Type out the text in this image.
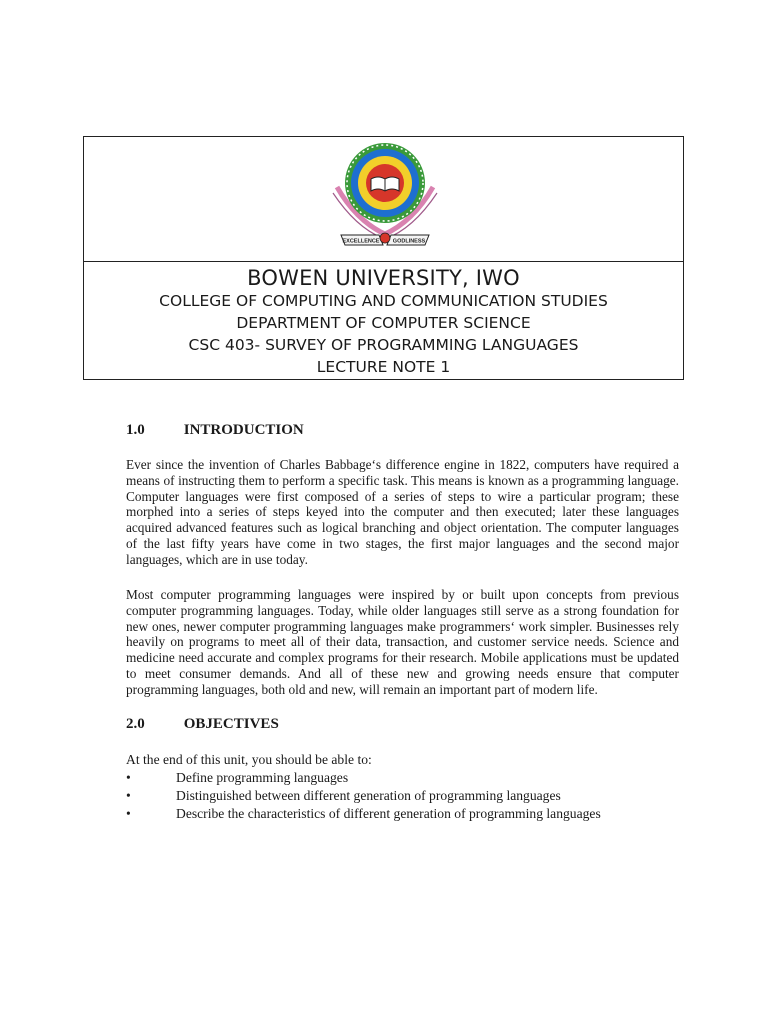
EXCELLENCE GODLINESS
BOWEN UNIVERSITY, IWO
COLLEGE OF COMPUTING AND COMMUNICATION STUDIES
DEPARTMENT OF COMPUTER SCIENCE
CSC 403- SURVEY OF PROGRAMMING LANGUAGES
LECTURE NOTE 1
1.0	INTRODUCTION
Ever since the invention of Charles Babbage‘s difference engine in 1822, computers have required a means of instructing them to perform a specific task. This means is known as a programming language. Computer languages were first composed of a series of steps to wire a particular program; these morphed into a series of steps keyed into the computer and then executed; later these languages acquired advanced features such as logical branching and object orientation. The computer languages of the last fifty years have come in two stages, the first major languages and the second major languages, which are in use today.
Most computer programming languages were inspired by or built upon concepts from previous computer programming languages. Today, while older languages still serve as a strong foundation for new ones, newer computer programming languages make programmers‘ work simpler. Businesses rely heavily on programs to meet all of their data, transaction, and customer service needs. Science and medicine need accurate and complex programs for their research. Mobile applications must be updated to meet consumer demands. And all of these new and growing needs ensure that computer programming languages, both old and new, will remain an important part of modern life.
2.0	OBJECTIVES
At the end of this unit, you should be able to:
•	Define programming languages
•	Distinguished between different generation of programming languages
•	Describe the characteristics of different generation of programming languages
